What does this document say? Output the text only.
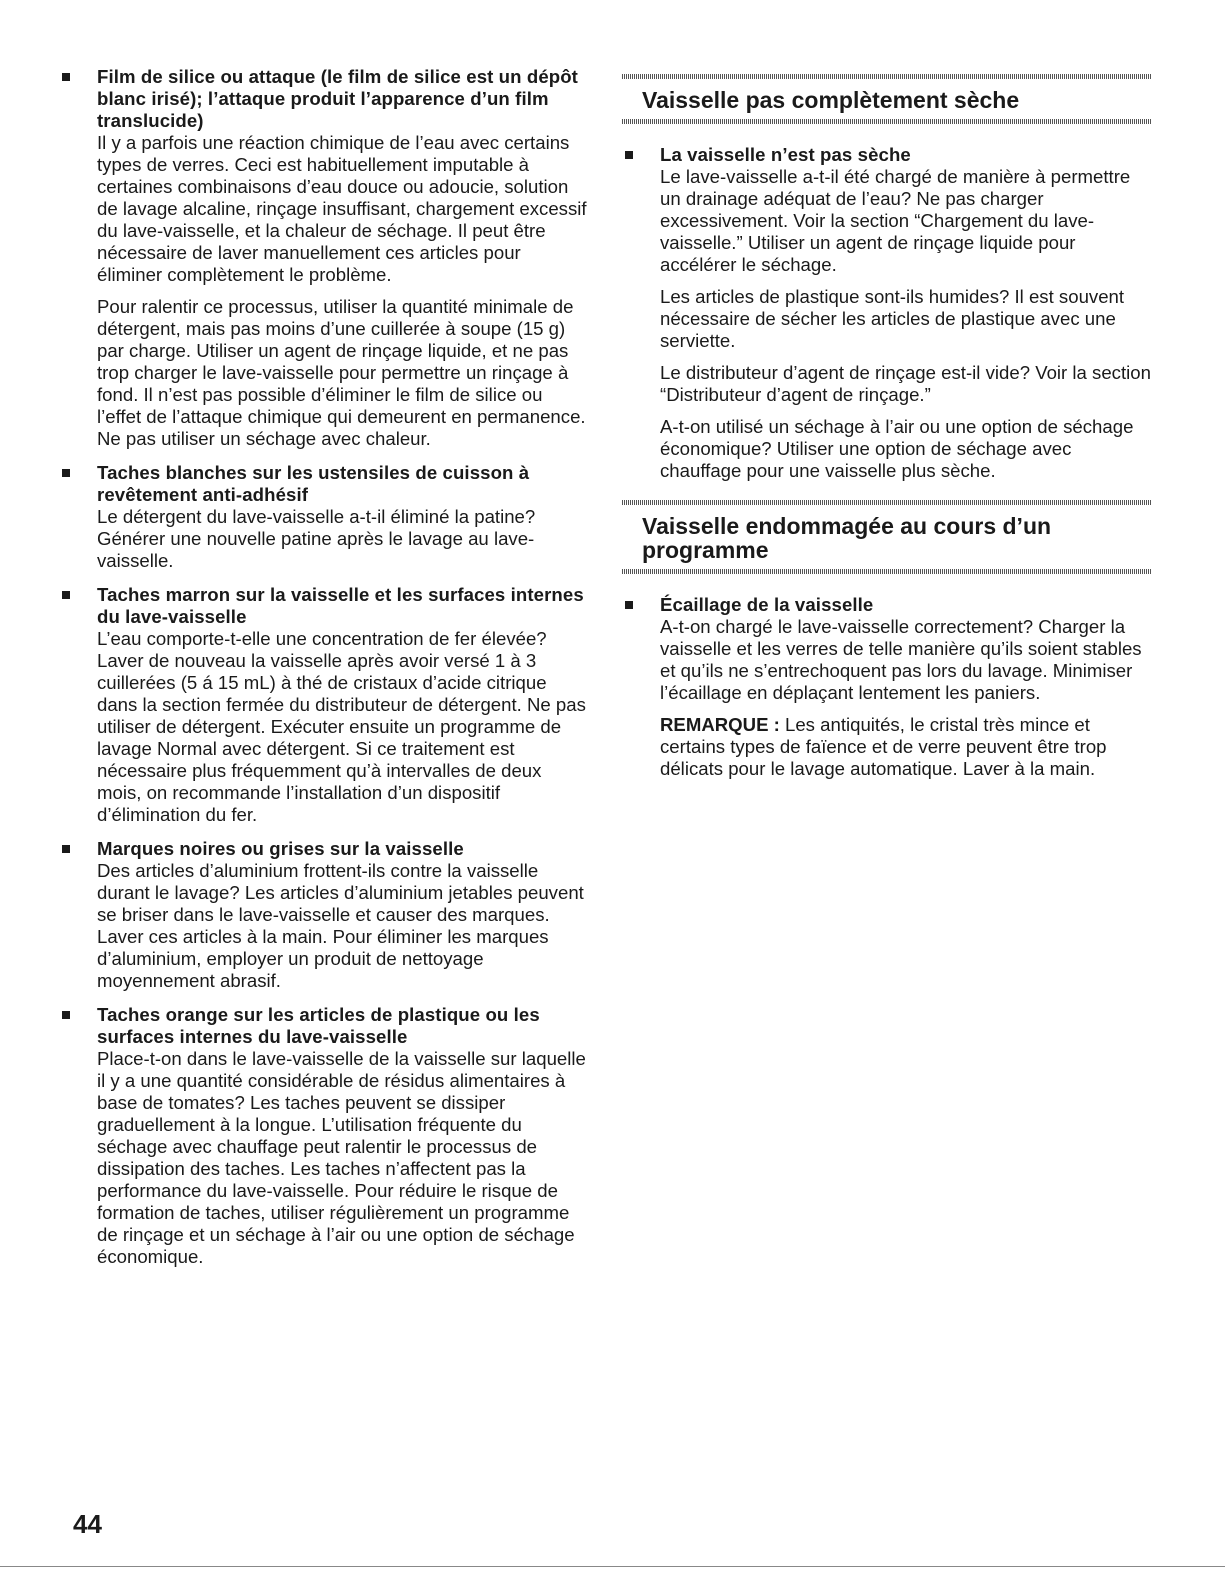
Film de silice ou attaque (le film de silice est un dépôt blanc irisé); l’attaque produit l’apparence d’un film translucide)

Il y a parfois une réaction chimique de l’eau avec certains types de verres. Ceci est habituellement imputable à certaines combinaisons d’eau douce ou adoucie, solution de lavage alcaline, rinçage insuffisant, chargement excessif du lave-vaisselle, et la chaleur de séchage. Il peut être nécessaire de laver manuellement ces articles pour éliminer complètement le problème.

Pour ralentir ce processus, utiliser la quantité minimale de détergent, mais pas moins d’une cuillerée à soupe (15 g) par charge. Utiliser un agent de rinçage liquide, et ne pas trop charger le lave-vaisselle pour permettre un rinçage à fond. Il n’est pas possible d’éliminer le film de silice ou l’effet de l’attaque chimique qui demeurent en permanence. Ne pas utiliser un séchage avec chaleur.

Taches blanches sur les ustensiles de cuisson à revêtement anti-adhésif

Le détergent du lave-vaisselle a-t-il éliminé la patine? Générer une nouvelle patine après le lavage au lave-vaisselle.

Taches marron sur la vaisselle et les surfaces internes du lave-vaisselle

L’eau comporte-t-elle une concentration de fer élevée? Laver de nouveau la vaisselle après avoir versé 1 à 3 cuillerées (5 á 15 mL) à thé de cristaux d’acide citrique dans la section fermée du distributeur de détergent. Ne pas utiliser de détergent. Exécuter ensuite un programme de lavage Normal avec détergent. Si ce traitement est nécessaire plus fréquemment qu’à intervalles de deux mois, on recommande l’installation d’un dispositif d’élimination du fer.

Marques noires ou grises sur la vaisselle

Des articles d’aluminium frottent-ils contre la vaisselle durant le lavage? Les articles d’aluminium jetables peuvent se briser dans le lave-vaisselle et causer des marques. Laver ces articles à la main. Pour éliminer les marques d’aluminium, employer un produit de nettoyage moyennement abrasif.

Taches orange sur les articles de plastique ou les surfaces internes du lave-vaisselle

Place-t-on dans le lave-vaisselle de la vaisselle sur laquelle il y a une quantité considérable de résidus alimentaires à base de tomates? Les taches peuvent se dissiper graduellement à la longue. L’utilisation fréquente du séchage avec chauffage peut ralentir le processus de dissipation des taches. Les taches n’affectent pas la performance du lave-vaisselle. Pour réduire le risque de formation de taches, utiliser régulièrement un programme de rinçage et un séchage à l’air ou une option de séchage économique.

Vaisselle pas complètement sèche

La vaisselle n’est pas sèche

Le lave-vaisselle a-t-il été chargé de manière à permettre un drainage adéquat de l’eau? Ne pas charger excessivement. Voir la section “Chargement du lave-vaisselle.” Utiliser un agent de rinçage liquide pour accélérer le séchage.

Les articles de plastique sont-ils humides? Il est souvent nécessaire de sécher les articles de plastique avec une serviette.

Le distributeur d’agent de rinçage est-il vide? Voir la section “Distributeur d’agent de rinçage.”

A-t-on utilisé un séchage à l’air ou une option de séchage économique? Utiliser une option de séchage avec chauffage pour une vaisselle plus sèche.

Vaisselle endommagée au cours d’un programme

Écaillage de la vaisselle

A-t-on chargé le lave-vaisselle correctement? Charger la vaisselle et les verres de telle manière qu’ils soient stables et qu’ils ne s’entrechoquent pas lors du lavage. Minimiser l’écaillage en déplaçant lentement les paniers.

REMARQUE : Les antiquités, le cristal très mince et certains types de faïence et de verre peuvent être trop délicats pour le lavage automatique. Laver à la main.

44
